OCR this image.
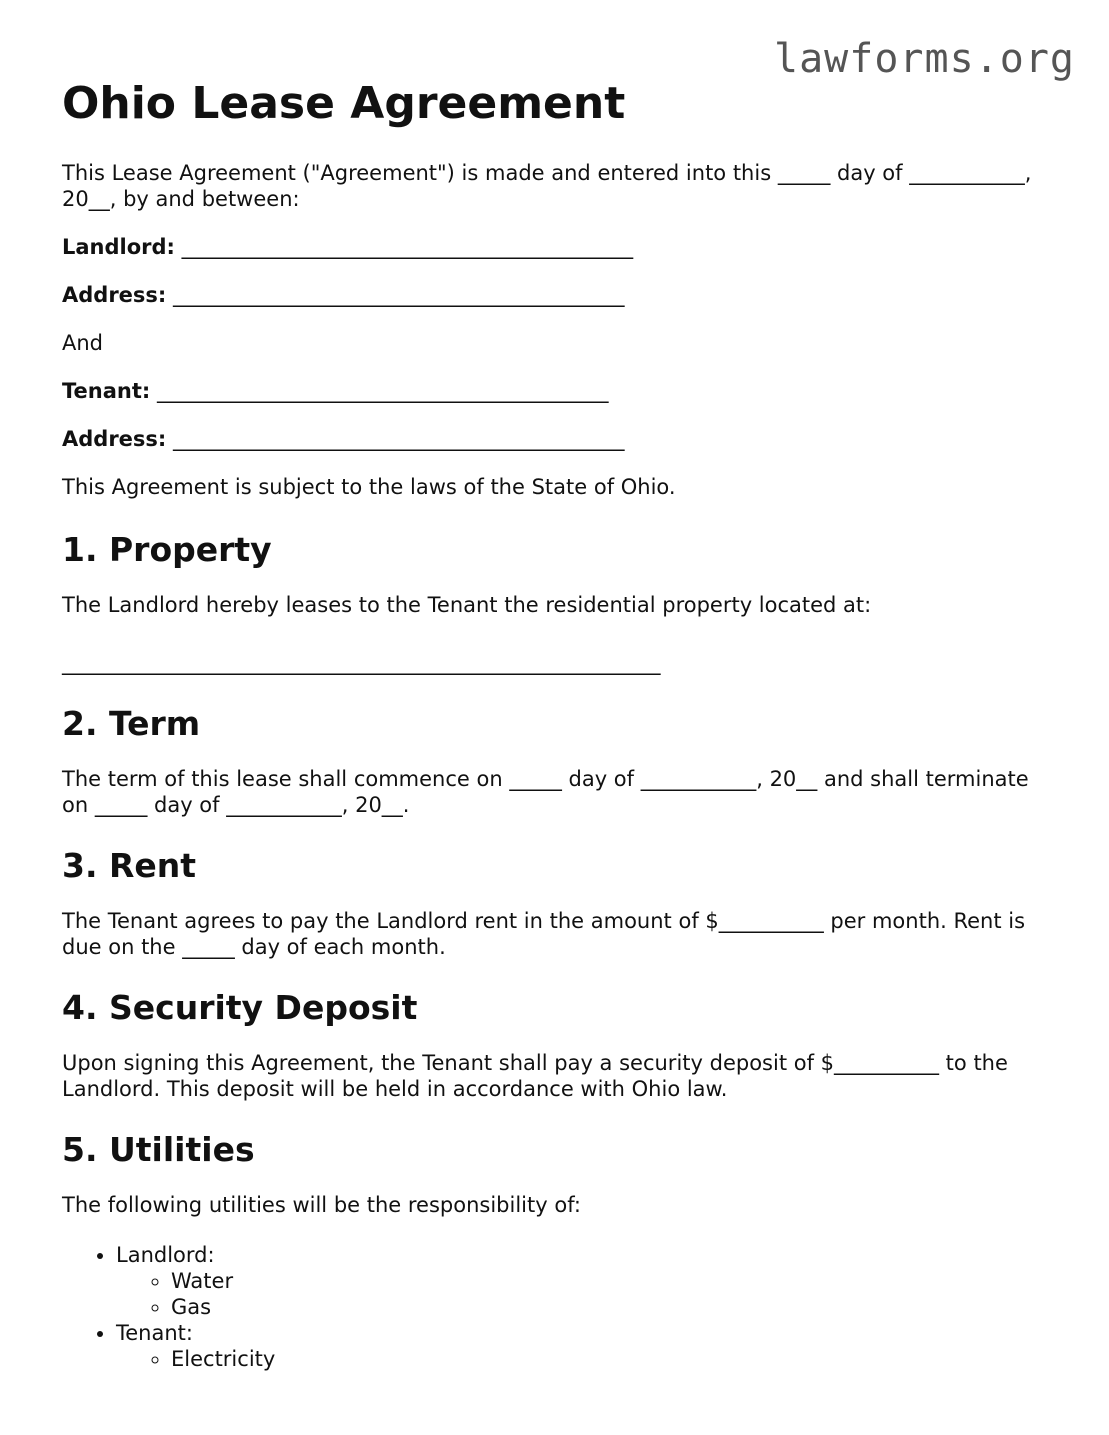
lawforms.org
Ohio Lease Agreement

This Lease Agreement ("Agreement") is made and entered into this _____ day of ___________, 20__, by and between:

Landlord: ___________________________________________

Address: ___________________________________________

And

Tenant: ___________________________________________

Address: ___________________________________________

This Agreement is subject to the laws of the State of Ohio.

1. Property

The Landlord hereby leases to the Tenant the residential property located at:

_________________________________________________________

2. Term

The term of this lease shall commence on _____ day of ___________, 20__ and shall terminate on _____ day of ___________, 20__.

3. Rent

The Tenant agrees to pay the Landlord rent in the amount of $__________ per month. Rent is due on the _____ day of each month.

4. Security Deposit

Upon signing this Agreement, the Tenant shall pay a security deposit of $__________ to the Landlord. This deposit will be held in accordance with Ohio law.

5. Utilities

The following utilities will be the responsibility of:

• Landlord:
◦ Water
◦ Gas
• Tenant:
◦ Electricity
